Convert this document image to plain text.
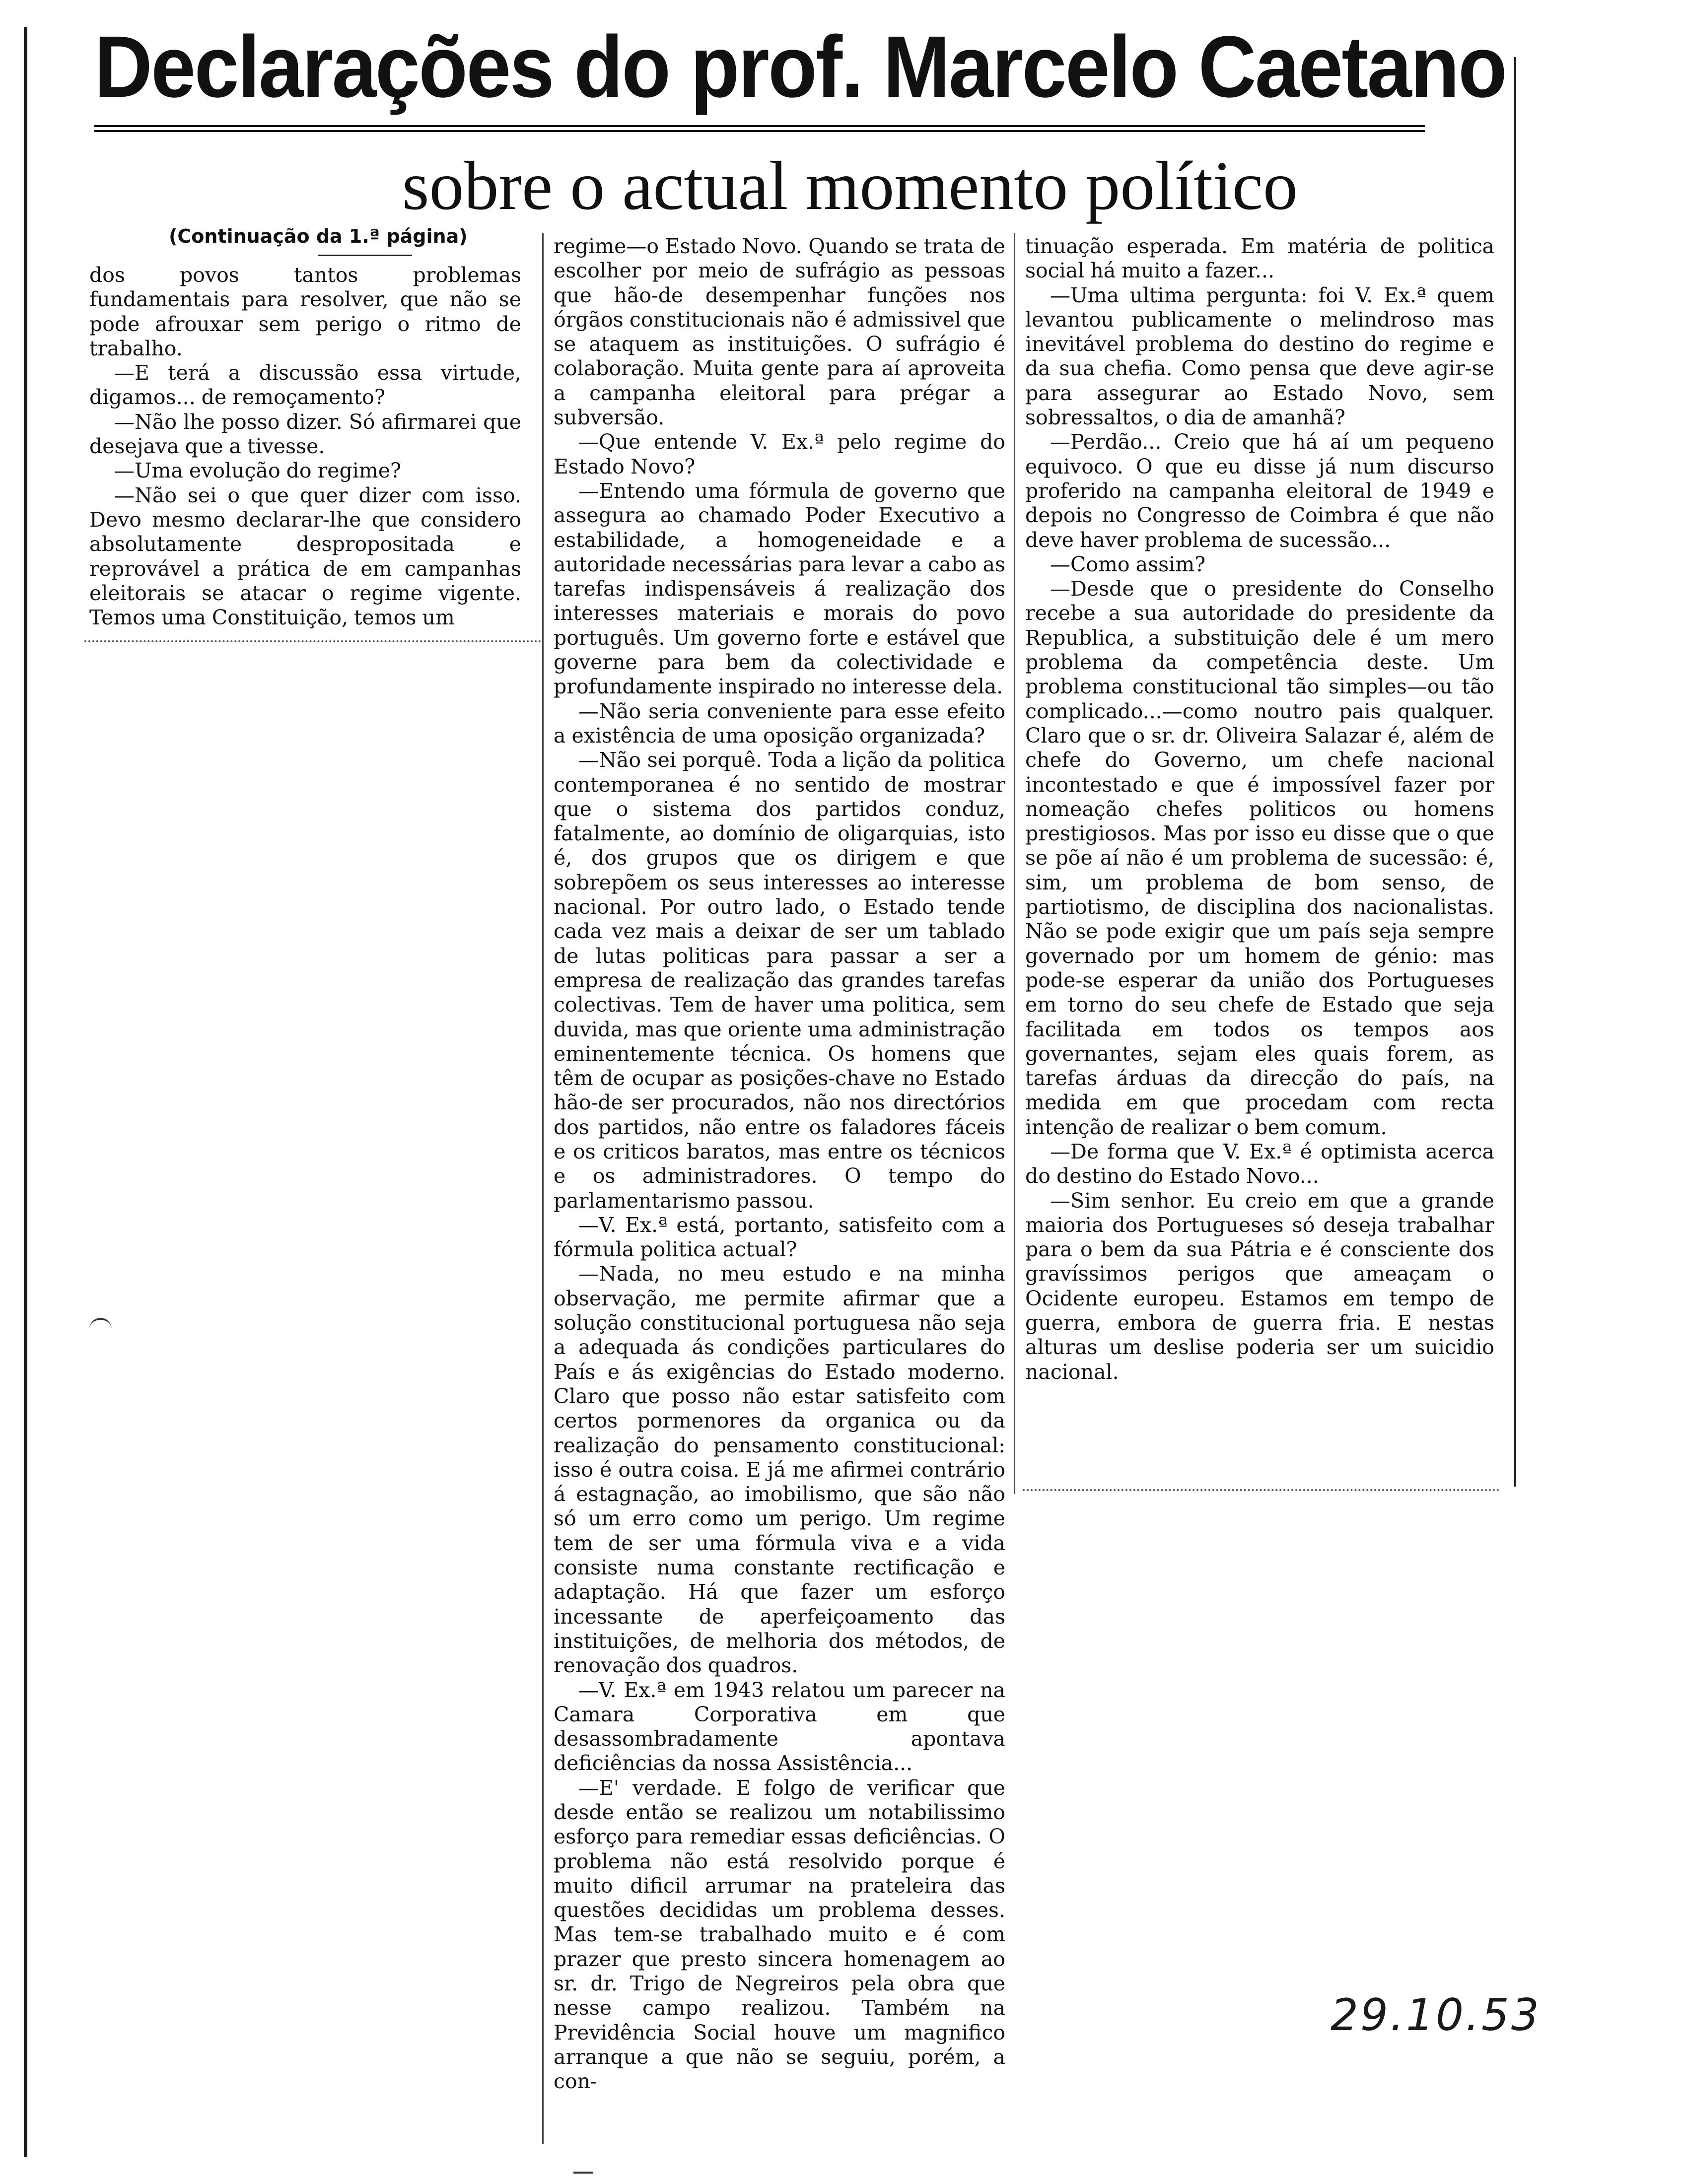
Declarações do prof. Marcelo Caetano
sobre o actual momento político
(Continuação da 1.ª página)

dos povos tantos problemas fundamentais para resolver, que não se pode afrouxar sem perigo o ritmo de trabalho.

—E terá a discussão essa virtude, digamos... de remoçamento?

—Não lhe posso dizer. Só afirmarei que desejava que a tivesse.

—Uma evolução do regime?

—Não sei o que quer dizer com isso. Devo mesmo declarar-lhe que considero absolutamente despropositada e reprovável a prática de em campanhas eleitorais se atacar o regime vigente. Temos uma Constituição, temos um

regime—o Estado Novo. Quando se trata de escolher por meio de sufrágio as pessoas que hão-de desempenhar funções nos órgãos constitucionais não é admissivel que se ataquem as instituições. O sufrágio é colaboração. Muita gente para aí aproveita a campanha eleitoral para prégar a subversão.

—Que entende V. Ex.ª pelo regime do Estado Novo?

—Entendo uma fórmula de governo que assegura ao chamado Poder Executivo a estabilidade, a homogeneidade e a autoridade necessárias para levar a cabo as tarefas indispensáveis á realização dos interesses materiais e morais do povo português. Um governo forte e estável que governe para bem da colectividade e profundamente inspirado no interesse dela.

—Não seria conveniente para esse efeito a existência de uma oposição organizada?

—Não sei porquê. Toda a lição da politica contemporanea é no sentido de mostrar que o sistema dos partidos conduz, fatalmente, ao domínio de oligarquias, isto é, dos grupos que os dirigem e que sobrepõem os seus interesses ao interesse nacional. Por outro lado, o Estado tende cada vez mais a deixar de ser um tablado de lutas politicas para passar a ser a empresa de realização das grandes tarefas colectivas. Tem de haver uma politica, sem duvida, mas que oriente uma administração eminentemente técnica. Os homens que têm de ocupar as posições-chave no Estado hão-de ser procurados, não nos directórios dos partidos, não entre os faladores fáceis e os criticos baratos, mas entre os técnicos e os administradores. O tempo do parlamentarismo passou.

—V. Ex.ª está, portanto, satisfeito com a fórmula politica actual?

—Nada, no meu estudo e na minha observação, me permite afirmar que a solução constitucional portuguesa não seja a adequada ás condições particulares do País e ás exigências do Estado moderno. Claro que posso não estar satisfeito com certos pormenores da organica ou da realização do pensamento constitucional: isso é outra coisa. E já me afirmei contrário á estagnação, ao imobilismo, que são não só um erro como um perigo. Um regime tem de ser uma fórmula viva e a vida consiste numa constante rectificação e adaptação. Há que fazer um esforço incessante de aperfeiçoamento das instituições, de melhoria dos métodos, de renovação dos quadros.

—V. Ex.ª em 1943 relatou um parecer na Camara Corporativa em que desassombradamente apontava deficiências da nossa Assistência...

—E' verdade. E folgo de verificar que desde então se realizou um notabilissimo esforço para remediar essas deficiências. O problema não está resolvido porque é muito dificil arrumar na prateleira das questões decididas um problema desses. Mas tem-se trabalhado muito e é com prazer que presto sincera homenagem ao sr. dr. Trigo de Negreiros pela obra que nesse campo realizou. Também na Previdência Social houve um magnifico arranque a que não se seguiu, porém, a con-

tinuação esperada. Em matéria de politica social há muito a fazer...

—Uma ultima pergunta: foi V. Ex.ª quem levantou publicamente o melindroso mas inevitável problema do destino do regime e da sua chefia. Como pensa que deve agir-se para assegurar ao Estado Novo, sem sobressaltos, o dia de amanhã?

—Perdão... Creio que há aí um pequeno equivoco. O que eu disse já num discurso proferido na campanha eleitoral de 1949 e depois no Congresso de Coimbra é que não deve haver problema de sucessão...

—Como assim?

—Desde que o presidente do Conselho recebe a sua autoridade do presidente da Republica, a substituição dele é um mero problema da competência deste. Um problema constitucional tão simples—ou tão complicado...—como noutro pais qualquer. Claro que o sr. dr. Oliveira Salazar é, além de chefe do Governo, um chefe nacional incontestado e que é impossível fazer por nomeação chefes politicos ou homens prestigiosos. Mas por isso eu disse que o que se põe aí não é um problema de sucessão: é, sim, um problema de bom senso, de partiotismo, de disciplina dos nacionalistas. Não se pode exigir que um país seja sempre governado por um homem de génio: mas pode-se esperar da união dos Portugueses em torno do seu chefe de Estado que seja facilitada em todos os tempos aos governantes, sejam eles quais forem, as tarefas árduas da direcção do país, na medida em que procedam com recta intenção de realizar o bem comum.

—De forma que V. Ex.ª é optimista acerca do destino do Estado Novo...

—Sim senhor. Eu creio em que a grande maioria dos Portugueses só deseja trabalhar para o bem da sua Pátria e é consciente dos gravíssimos perigos que ameaçam o Ocidente europeu. Estamos em tempo de guerra, embora de guerra fria. E nestas alturas um deslise poderia ser um suicidio nacional.

29.10.53
